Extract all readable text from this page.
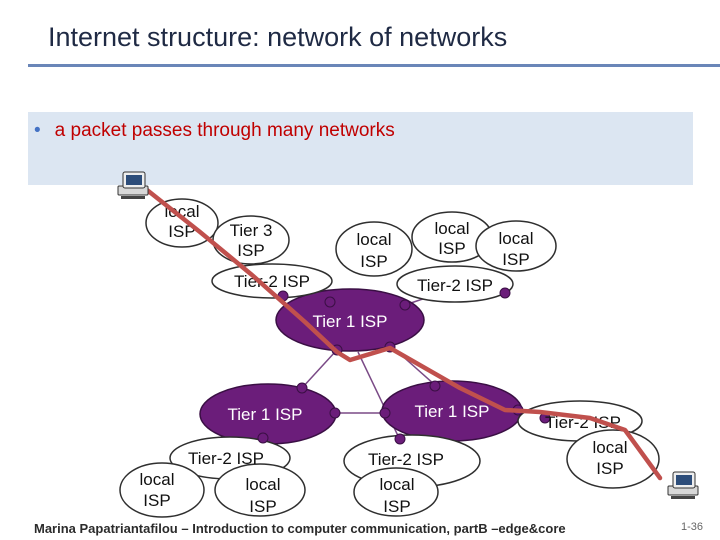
Internet structure: network of networks
• a packet passes through many networks
local ISP Tier 3 ISP
Tier-2 ISP
local ISP
local ISP
local ISP
Tier-2 ISP
Tier 1 ISP
Tier 1 ISP	Tier 1 ISP
Tier-2 ISP
local ISP
local ISP
Tier-2 ISP
local ISP
Tier-2 ISP
local ISP
Marina Papatriantafilou – Introduction to computer communication, partB –edge&core	1-36
